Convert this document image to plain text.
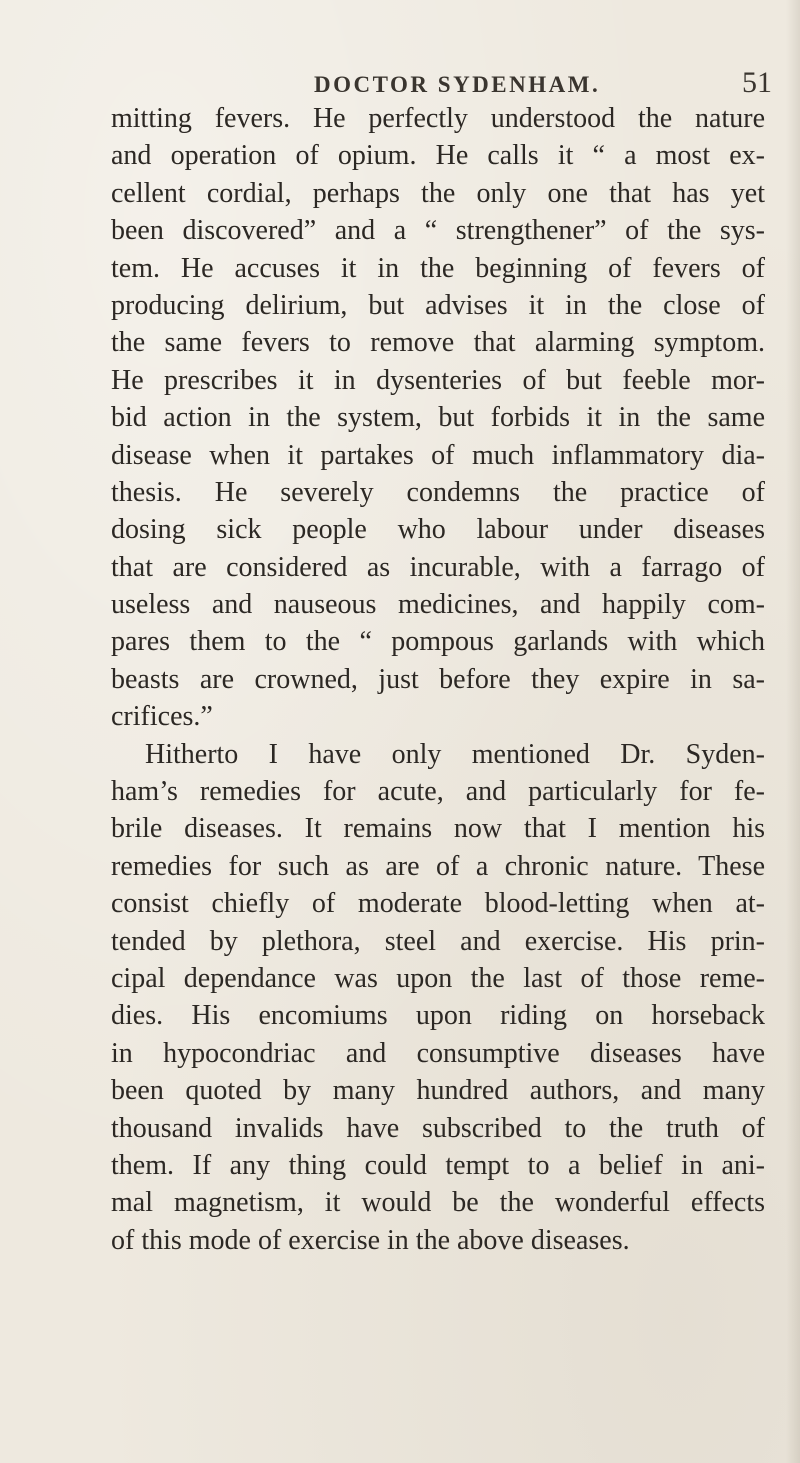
DOCTOR SYDENHAM.	51
mitting fevers. He perfectly understood the nature
and operation of opium. He calls it “ a most ex-
cellent cordial, perhaps the only one that has yet
been discovered” and a “ strengthener” of the sys-
tem. He accuses it in the beginning of fevers of
producing delirium, but advises it in the close of
the same fevers to remove that alarming symptom.
He prescribes it in dysenteries of but feeble mor-
bid action in the system, but forbids it in the same
disease when it partakes of much inflammatory dia-
thesis. He severely condemns the practice of
dosing sick people who labour under diseases
that are considered as incurable, with a farrago of
useless and nauseous medicines, and happily com-
pares them to the “ pompous garlands with which
beasts are crowned, just before they expire in sa-
crifices.”
Hitherto I have only mentioned Dr. Syden-
ham’s remedies for acute, and particularly for fe-
brile diseases. It remains now that I mention his
remedies for such as are of a chronic nature. These
consist chiefly of moderate blood-letting when at-
tended by plethora, steel and exercise. His prin-
cipal dependance was upon the last of those reme-
dies. His encomiums upon riding on horseback
in hypocondriac and consumptive diseases have
been quoted by many hundred authors, and many
thousand invalids have subscribed to the truth of
them. If any thing could tempt to a belief in ani-
mal magnetism, it would be the wonderful effects
of this mode of exercise in the above diseases.
